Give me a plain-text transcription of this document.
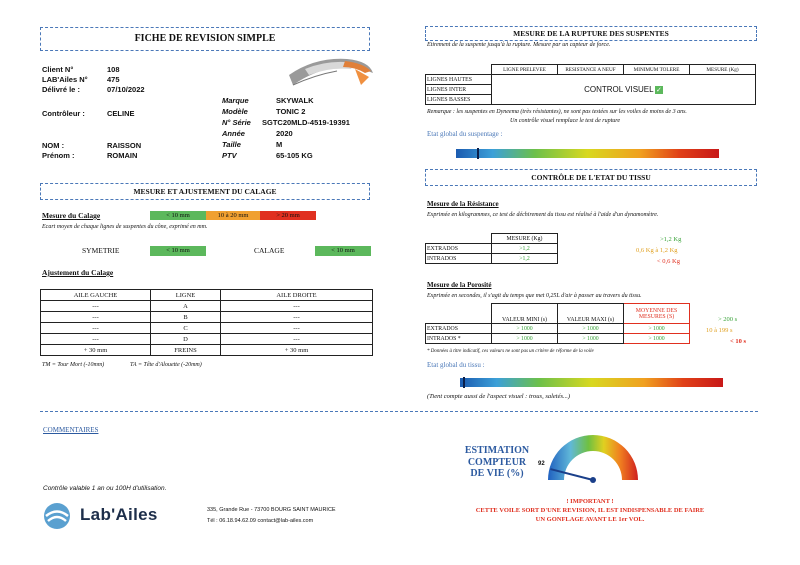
FICHE DE REVISION SIMPLE
Client N°	108
LAB'Ailes N°	475
Délivré le :	07/10/2022
Contrôleur :	CELINE
NOM :	RAISSON
Prénom :	ROMAIN
Marque	SKYWALK
Modèle	TONIC 2
N° Série SGTC20MLD-4519-19391
Année	2020
Taille	M
PTV	65-105 KG
MESURE ET AJUSTEMENT DU CALAGE
Mesure du Calage	< 10 mm	10 à 20 mm	> 20 mm
Ecart moyen de chaque lignes de suspentes du cône, exprimé en mm.
SYMETRIE	< 10 mm	CALAGE	< 10 mm
Ajustement du Calage
AILE GAUCHE	LIGNE	AILE DROITE
---	A	---
---	B	---
---	C	---
---	D	---
+ 30 mm	FREINS	+ 30 mm
TM = Tour Mort (-10mm)	TA = Tête d'Alouette (-20mm)
MESURE DE LA RUPTURE DES SUSPENTES
Etirement de la suspente jusqu'à la rupture. Mesure par un capteur de force.
	LIGNE PRELEVEE	RESISTANCE A NEUF	MINIMUM TOLERE	MESURE (Kg)
LIGNES HAUTES	CONTROL VISUEL ✓			
LIGNES INTER				
LIGNES BASSES				
Remarque : les suspentes en Dyneema (très résistantes), ne sont pas testées sur les voiles de moins de 3 ans.
Un contrôle visuel remplace le test de rupture
Etat global du suspentage :
CONTRÔLE DE L'ETAT DU TISSU
Mesure de la Résistance
Exprimée en kilogrammes, ce test de déchirement du tissu est réalisé à l'aide d'un dynamomètre.
	MESURE (Kg)
EXTRADOS	>1,2
INTRADOS	>1,2
>1,2 Kg
0,6 Kg à 1,2 Kg
< 0,6 Kg
Mesure de la Porosité
Exprimée en secondes, il s'agit du temps que met 0,25L d'air à passer au travers du tissu.
	VALEUR MINI (s)	VALEUR MAXI (s)	MOYENNE DES MESURES (S)
EXTRADOS	> 1000	> 1000	> 1000
INTRADOS *	> 1000	> 1000	> 1000
> 200 s
10 à 199 s
< 10 s
* Données à titre indicatif, ces valeurs ne sont pas un critère de réforme de la voile
Etat global du tissu :
(Tient compte aussi de l'aspect visuel : trous, saletés...)
COMMENTAIRES
Contrôle valable 1 an ou 100H d'utilisation.
Lab'Ailes	335, Grande Rue - 73700 BOURG SAINT MAURICE
Tél : 06.18.94.62.09 contact@lab-ailes.com
ESTIMATION
COMPTEUR
DE VIE (%)
92
! IMPORTANT !
CETTE VOILE SORT D'UNE REVISION, IL EST INDISPENSABLE DE FAIRE
UN GONFLAGE AVANT LE 1er VOL.
